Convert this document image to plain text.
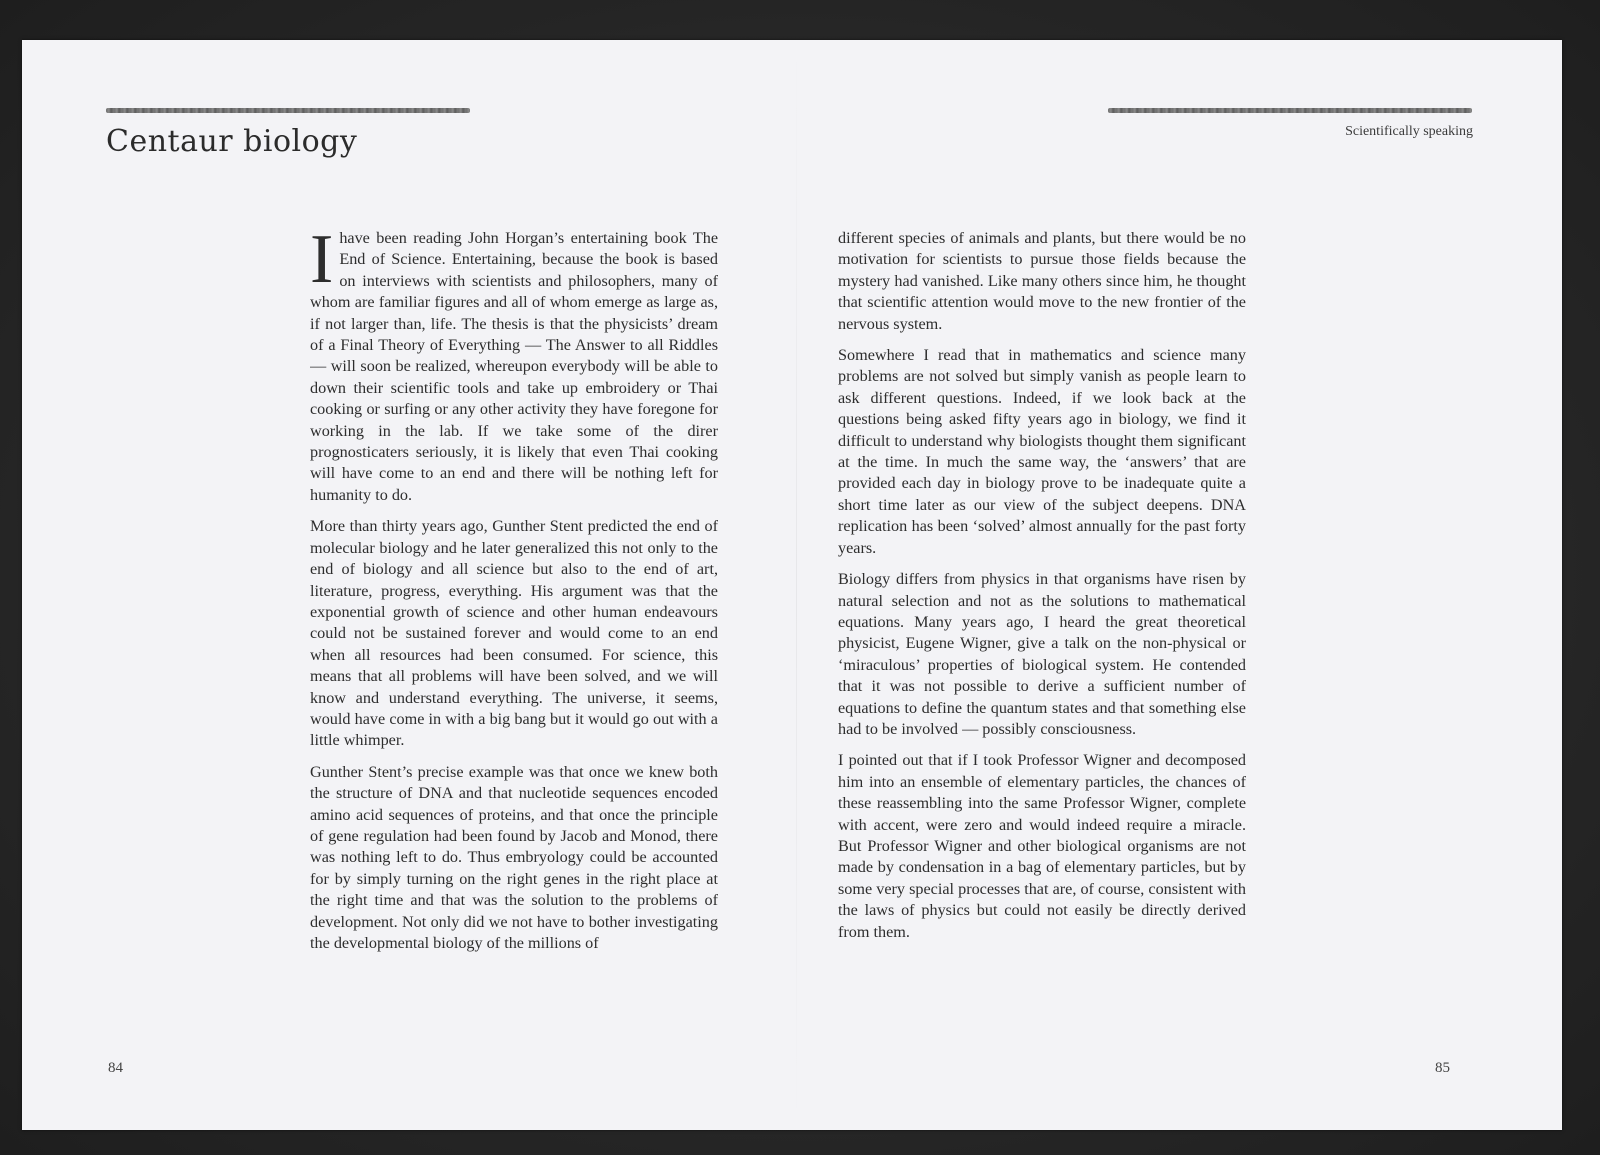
Centaur biology	Scientifically speaking

Ihave been reading John Horgan’s entertaining book The End of Science. Entertaining, because the book is based on interviews with scientists and philosophers, many of whom are familiar figures and all of whom emerge as large as, if not larger than, life. The thesis is that the physicists’ dream of a Final Theory of Everything — The Answer to all Riddles — will soon be realized, whereupon everybody will be able to down their scientific tools and take up embroidery or Thai cooking or surfing or any other activity they have foregone for working in the lab. If we take some of the direr prognosticaters seriously, it is likely that even Thai cooking will have come to an end and there will be nothing left for humanity to do.

More than thirty years ago, Gunther Stent predicted the end of molecular biology and he later generalized this not only to the end of biology and all science but also to the end of art, literature, progress, everything. His argument was that the exponential growth of science and other human endeavours could not be sustained forever and would come to an end when all resources had been consumed. For science, this means that all problems will have been solved, and we will know and understand everything. The universe, it seems, would have come in with a big bang but it would go out with a little whimper.

Gunther Stent’s precise example was that once we knew both the structure of DNA and that nucleotide sequences encoded amino acid sequences of proteins, and that once the principle of gene regulation had been found by Jacob and Monod, there was nothing left to do. Thus embryology could be accounted for by simply turning on the right genes in the right place at the right time and that was the solution to the problems of development. Not only did we not have to bother investigating the developmental biology of the millions of

different species of animals and plants, but there would be no motivation for scientists to pursue those fields because the mystery had vanished. Like many others since him, he thought that scientific attention would move to the new frontier of the nervous system.

Somewhere I read that in mathematics and science many problems are not solved but simply vanish as people learn to ask different questions. Indeed, if we look back at the questions being asked fifty years ago in biology, we find it difficult to understand why biologists thought them significant at the time. In much the same way, the ‘answers’ that are provided each day in biology prove to be inadequate quite a short time later as our view of the subject deepens. DNA replication has been ‘solved’ almost annually for the past forty years.

Biology differs from physics in that organisms have risen by natural selection and not as the solutions to mathematical equations. Many years ago, I heard the great theoretical physicist, Eugene Wigner, give a talk on the non-physical or ‘miraculous’ properties of biological system. He contended that it was not possible to derive a sufficient number of equations to define the quantum states and that something else had to be involved — possibly consciousness.

I pointed out that if I took Professor Wigner and decomposed him into an ensemble of elementary particles, the chances of these reassembling into the same Professor Wigner, complete with accent, were zero and would indeed require a miracle. But Professor Wigner and other biological organisms are not made by condensation in a bag of elementary particles, but by some very special processes that are, of course, consistent with the laws of physics but could not easily be directly derived from them.

84	85
